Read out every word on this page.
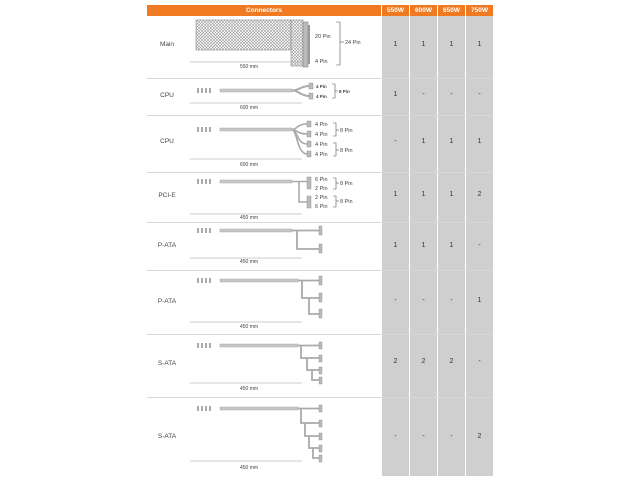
Connectors	550W	600W	650W	750W
Main
550 mm
20 Pin
4 Pin
24 Pin	1	1	1	1
CPU
600 mm
4 Pin
4 Pin
8 Pin	1	-	-	-
CPU
600 mm
4 Pin
4 Pin
4 Pin
4 Pin
8 Pin
8 Pin
-	1	1	1
PCI-E
450 mm
6 Pin
2 Pin
2 Pin
6 Pin
8 Pin
8 Pin
1	1	1	2
P-ATA
450 mm
1	1	1	-
P-ATA
450 mm
-	-	-	1
S-ATA
450 mm
2	2	2	-
S-ATA
450 mm
-	-	-	2
